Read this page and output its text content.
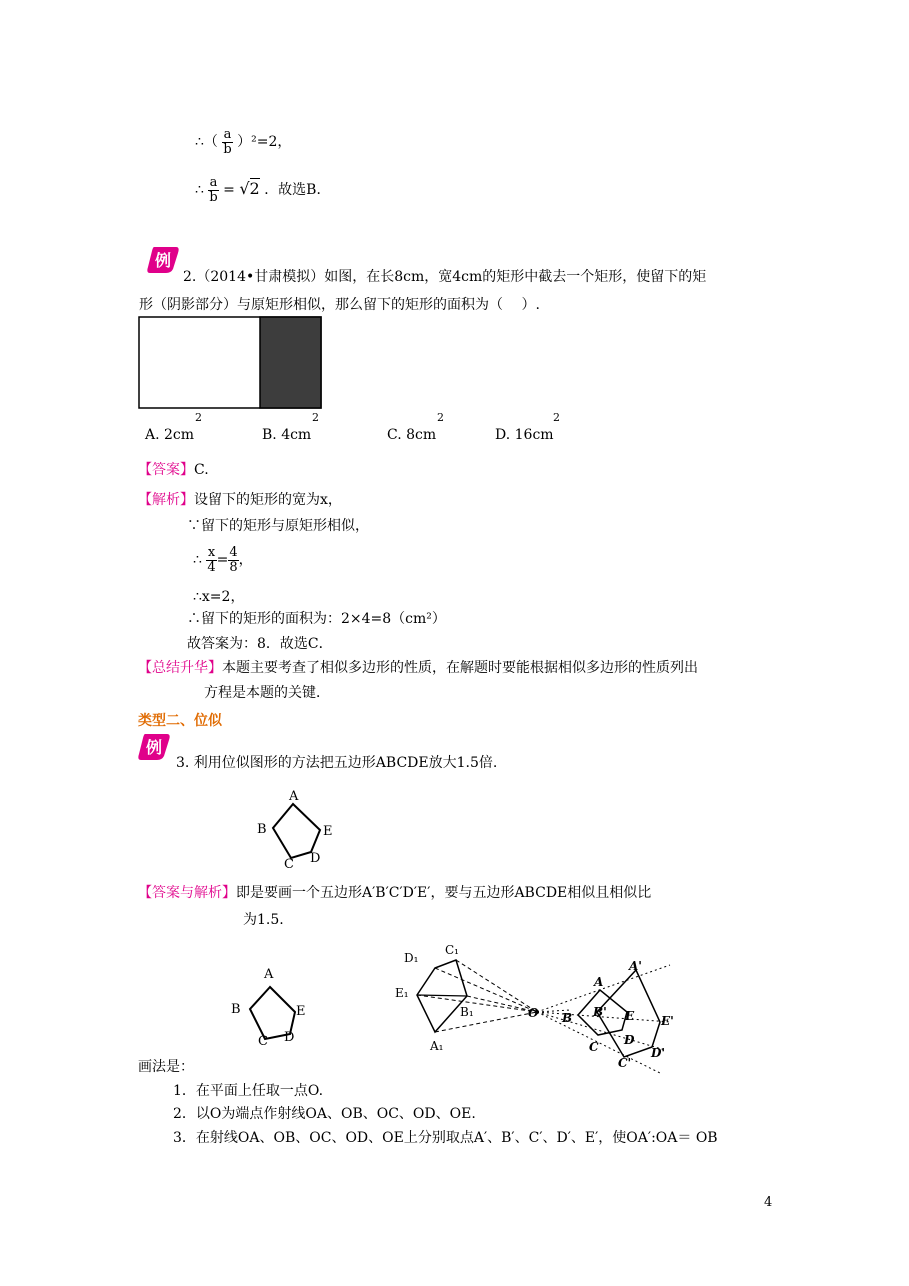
∴（ $\frac{a}{b} )^2=2$，
∴ $\frac{a}{b} = √2$ ．故选B．
例
2.（2014•甘肃模拟）如图，在长8cm，宽4cm的矩形中截去一个矩形，使留下的矩
形（阴影部分）与原矩形相似，那么留下的矩形的面积为（　 ）.
A. 2cm
2
B. 4cm
2
C. 8cm
2
D. 16cm
2
【答案】C.
【解析】设留下的矩形的宽为x，
∵留下的矩形与原矩形相似，
∴ $\frac{x}{4} = \frac{4}{8}$ ，
∴x=2，
∴留下的矩形的面积为：2×4=8（cm²）
故答案为：8．故选C．
【总结升华】本题主要考查了相似多边形的性质，在解题时要能根据相似多边形的性质列出
方程是本题的关键．
类型二、位似
例
3. 利用位似图形的方法把五边形ABCDE放大1.5倍.
A
B
C D
E
【答案与解析】即是要画一个五边形A′B′C′D′E′，要与五边形ABCDE相似且相似比
为1.5.
A
B
C D
E
D₁
C₁
E₁
B₁
A₁
O
A
A'
B B' E E'
C D
D'
C'
画法是：
1．在平面上任取一点O.
2．以O为端点作射线OA、OB、OC、OD、OE.
3．在射线OA、OB、OC、OD、OE上分别取点A′、B′、C′、D′、E′，使OA′:OA＝ OB
4
